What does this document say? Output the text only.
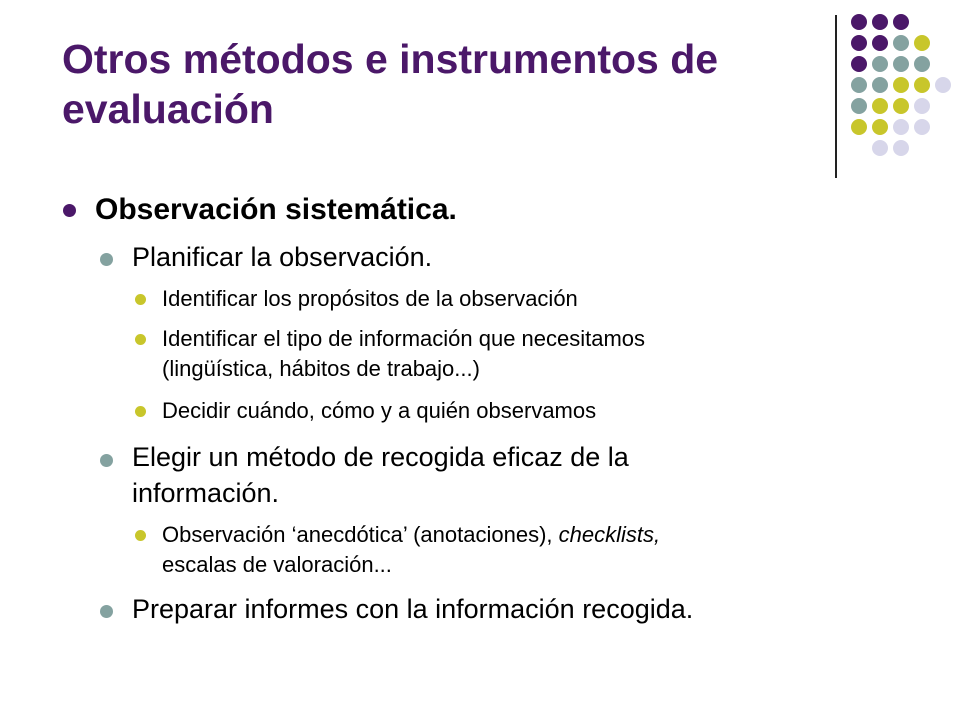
Otros métodos e instrumentos de
evaluación

Observación sistemática.

Planificar la observación.

Identificar los propósitos de la observación

Identificar el tipo de información que necesitamos

(lingüística, hábitos de trabajo...)

Decidir cuándo, cómo y a quién observamos

Elegir un método de recogida eficaz de la

información.

Observación ‘anecdótica’ (anotaciones), checklists,

escalas de valoración...

Preparar informes con la información recogida.
